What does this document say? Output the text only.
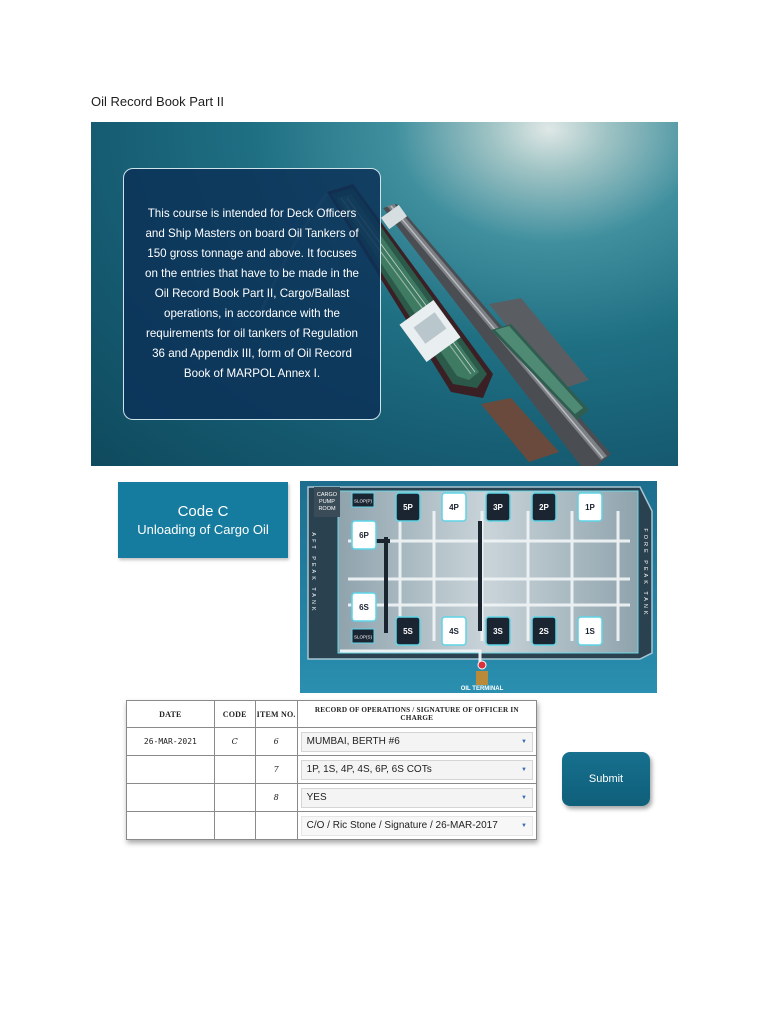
Oil Record Book Part II

This course is intended for Deck Officers
and Ship Masters on board Oil Tankers of
150 gross tonnage and above. It focuses
on the entries that have to be made in the
Oil Record Book Part II, Cargo/Ballast
operations, in accordance with the
requirements for oil tankers of Regulation
36 and Appendix III, form of Oil Record
Book of MARPOL Annex I.

Code C
Unloading of Cargo Oil
CARGO
PUMP
ROOM
AFT PEAK TANK	FORE PEAK TANK
SLOP(P)
SLOP(S)
5P	4P	3P	2P	1P
6P
6S
5S	4S	3S	2S	1S
OIL TERMINAL
DATE	CODE	ITEM NO.	RECORD OF OPERATIONS / SIGNATURE OF OFFICER IN CHARGE
26-MAR-2021	C	6	MUMBAI, BERTH #6 ▼

		7	1P, 1S, 4P, 4S, 6P, 6S COTs ▼

		8	YES ▼

			C/O / Ric Stone / Signature / 26-MAR-2017 ▼
Submit
